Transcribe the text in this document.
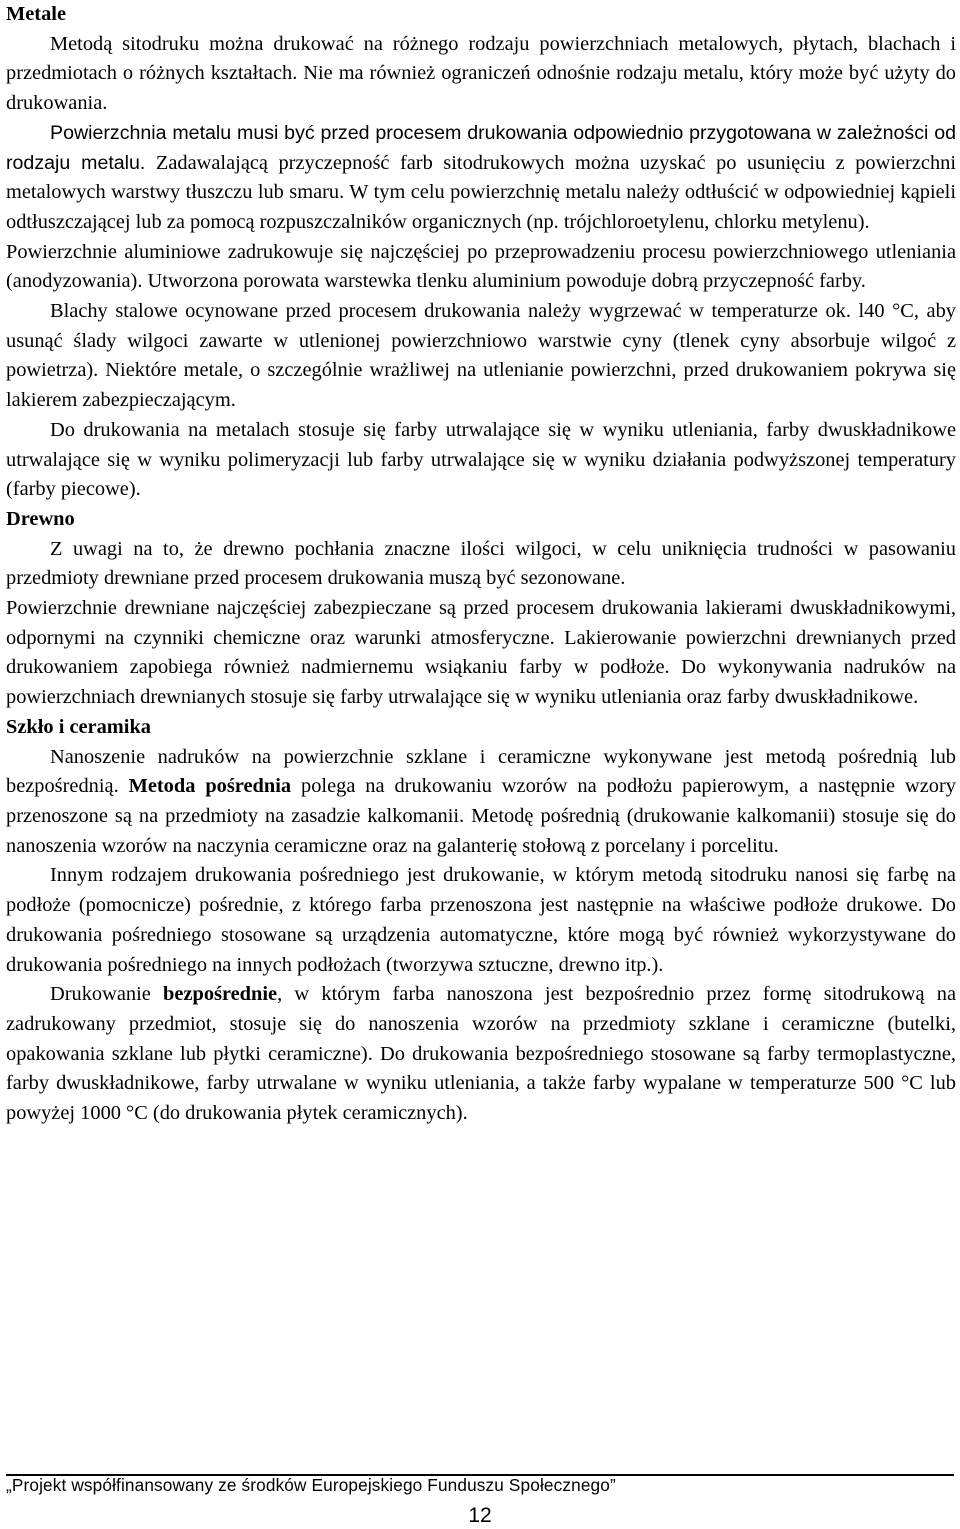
Metale

Metodą sitodruku można drukować na różnego rodzaju powierzchniach metalowych, płytach, blachach i przedmiotach o różnych kształtach. Nie ma również ograniczeń odnośnie rodzaju metalu, który może być użyty do drukowania.

Powierzchnia metalu musi być przed procesem drukowania odpowiednio przygotowana w zależności od rodzaju metalu. Zadawalającą przyczepność farb sitodrukowych można uzyskać po usunięciu z powierzchni metalowych warstwy tłuszczu lub smaru. W tym celu powierzchnię metalu należy odtłuścić w odpowiedniej kąpieli odtłuszczającej lub za pomocą rozpuszczalników organicznych (np. trójchloroetylenu, chlorku metylenu).

Powierzchnie aluminiowe zadrukowuje się najczęściej po przeprowadzeniu procesu powierzchniowego utleniania (anodyzowania). Utworzona porowata warstewka tlenku aluminium powoduje dobrą przyczepność farby.

Blachy stalowe ocynowane przed procesem drukowania należy wygrzewać w temperaturze ok. l40 °C, aby usunąć ślady wilgoci zawarte w utlenionej powierzchniowo warstwie cyny (tlenek cyny absorbuje wilgoć z powietrza). Niektóre metale, o szczególnie wrażliwej na utlenianie powierzchni, przed drukowaniem pokrywa się lakierem zabezpieczającym.

Do drukowania na metalach stosuje się farby utrwalające się w wyniku utleniania, farby dwuskładnikowe utrwalające się w wyniku polimeryzacji lub farby utrwalające się w wyniku działania podwyższonej temperatury (farby piecowe).

Drewno

Z uwagi na to, że drewno pochłania znaczne ilości wilgoci, w celu uniknięcia trudności w pasowaniu przedmioty drewniane przed procesem drukowania muszą być sezonowane.

Powierzchnie drewniane najczęściej zabezpieczane są przed procesem drukowania lakierami dwuskładnikowymi, odpornymi na czynniki chemiczne oraz warunki atmosferyczne. Lakierowanie powierzchni drewnianych przed drukowaniem zapobiega również nadmiernemu wsiąkaniu farby w podłoże. Do wykonywania nadruków na powierzchniach drewnianych stosuje się farby utrwalające się w wyniku utleniania oraz farby dwuskładnikowe.

Szkło i ceramika

Nanoszenie nadruków na powierzchnie szklane i ceramiczne wykonywane jest metodą pośrednią lub bezpośrednią. Metoda pośrednia polega na drukowaniu wzorów na podłożu papierowym, a następnie wzory przenoszone są na przedmioty na zasadzie kalkomanii. Metodę pośrednią (drukowanie kalkomanii) stosuje się do nanoszenia wzorów na naczynia ceramiczne oraz na galanterię stołową z porcelany i porcelitu.

Innym rodzajem drukowania pośredniego jest drukowanie, w którym metodą sitodruku nanosi się farbę na podłoże (pomocnicze) pośrednie, z którego farba przenoszona jest następnie na właściwe podłoże drukowe. Do drukowania pośredniego stosowane są urządzenia automatyczne, które mogą być również wykorzystywane do drukowania pośredniego na innych podłożach (tworzywa sztuczne, drewno itp.).

Drukowanie bezpośrednie, w którym farba nanoszona jest bezpośrednio przez formę sitodrukową na zadrukowany przedmiot, stosuje się do nanoszenia wzorów na przedmioty szklane i ceramiczne (butelki, opakowania szklane lub płytki ceramiczne). Do drukowania bezpośredniego stosowane są farby termoplastyczne, farby dwuskładnikowe, farby utrwalane w wyniku utleniania, a także farby wypalane w temperaturze 500 °C lub powyżej 1000 °C (do drukowania płytek ceramicznych).

„Projekt współfinansowany ze środków Europejskiego Funduszu Społecznego”
12
